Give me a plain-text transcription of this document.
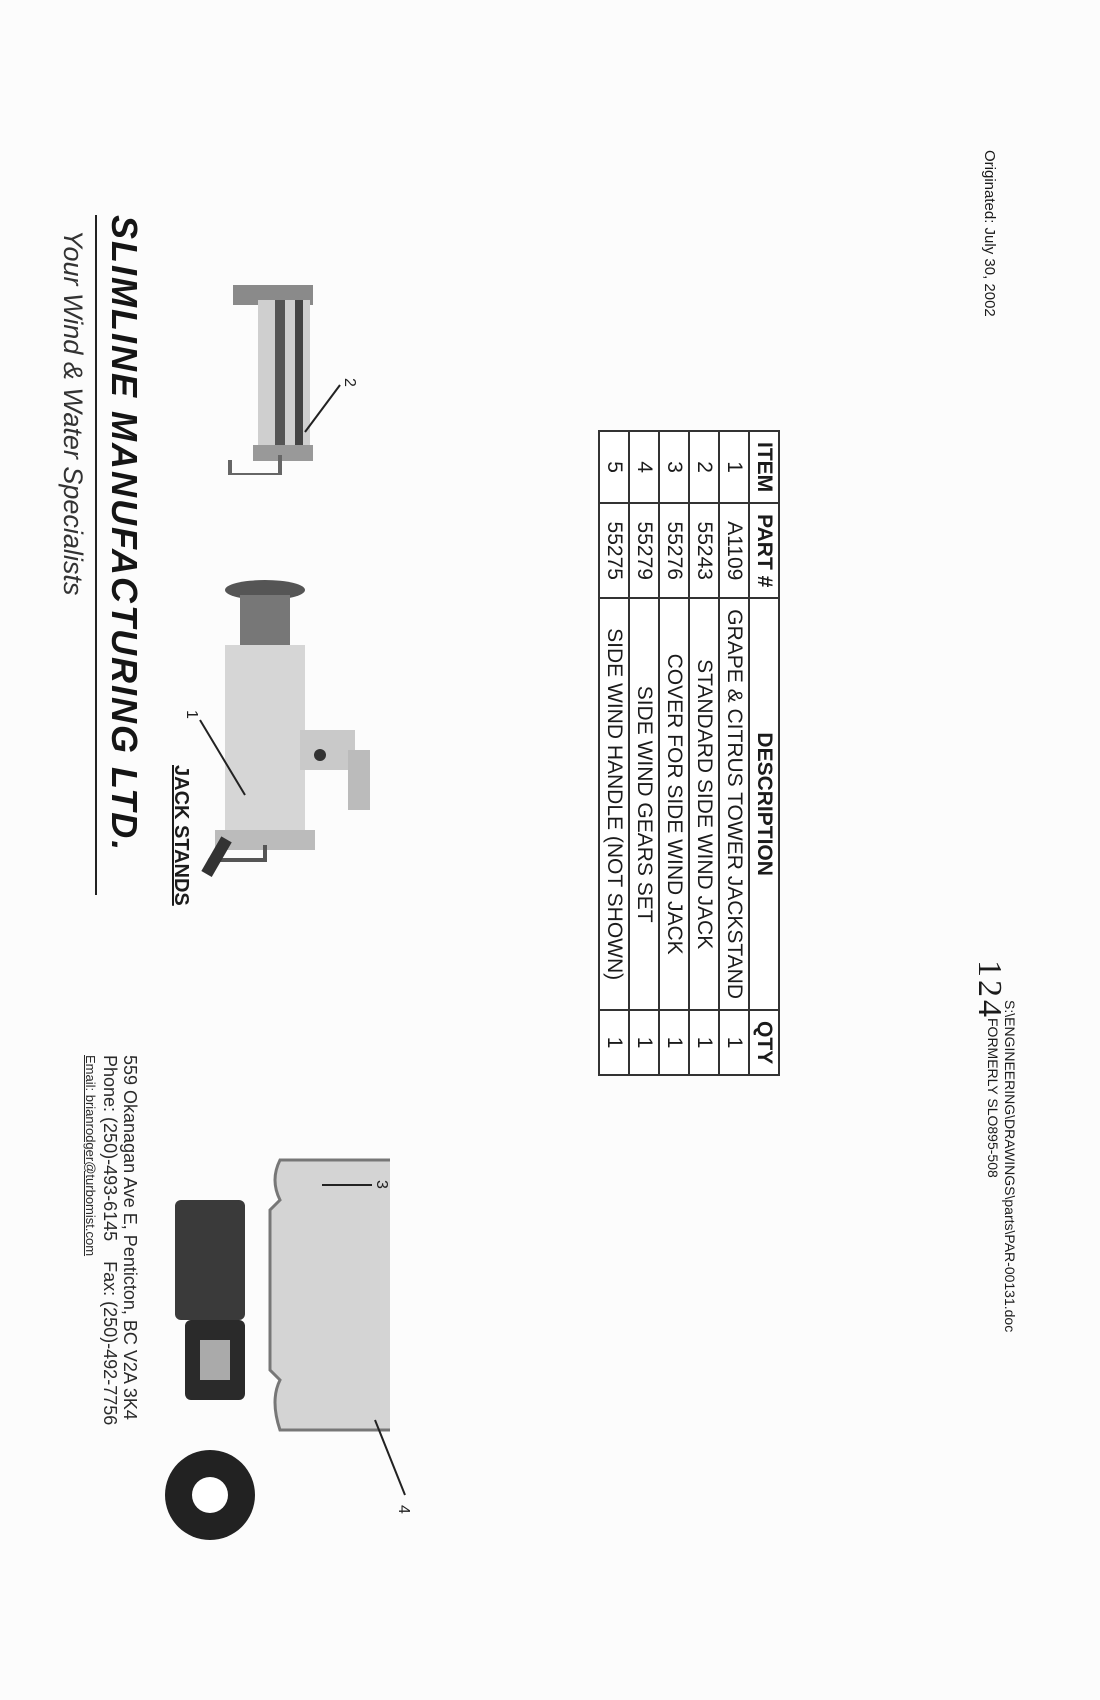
SLIMLINE MANUFACTURING LTD.
Your Wind & Water Specialists
559 Okanagan Ave E, Penticton, BC V2A 3K4
Phone: (250)-493-6145    Fax: (250)-492-7756
Email: brianrodger@turbomist.com
JACK STANDS
1
2
3
4
ITEM	PART #	DESCRIPTION	QTY
1	A1109	GRAPE & CITRUS TOWER JACKSTAND	1
2	55243	STANDARD SIDE WIND JACK	1
3	55276	COVER FOR SIDE WIND JACK	1
4	55279	SIDE WIND GEARS SET	1
5	55275	SIDE WIND HANDLE (NOT SHOWN)	1
124
Originated: July 30, 2002
S:\ENGINEERING\DRAWINGS\parts\PAR-00131.doc
FORMERLY SLO895-508
